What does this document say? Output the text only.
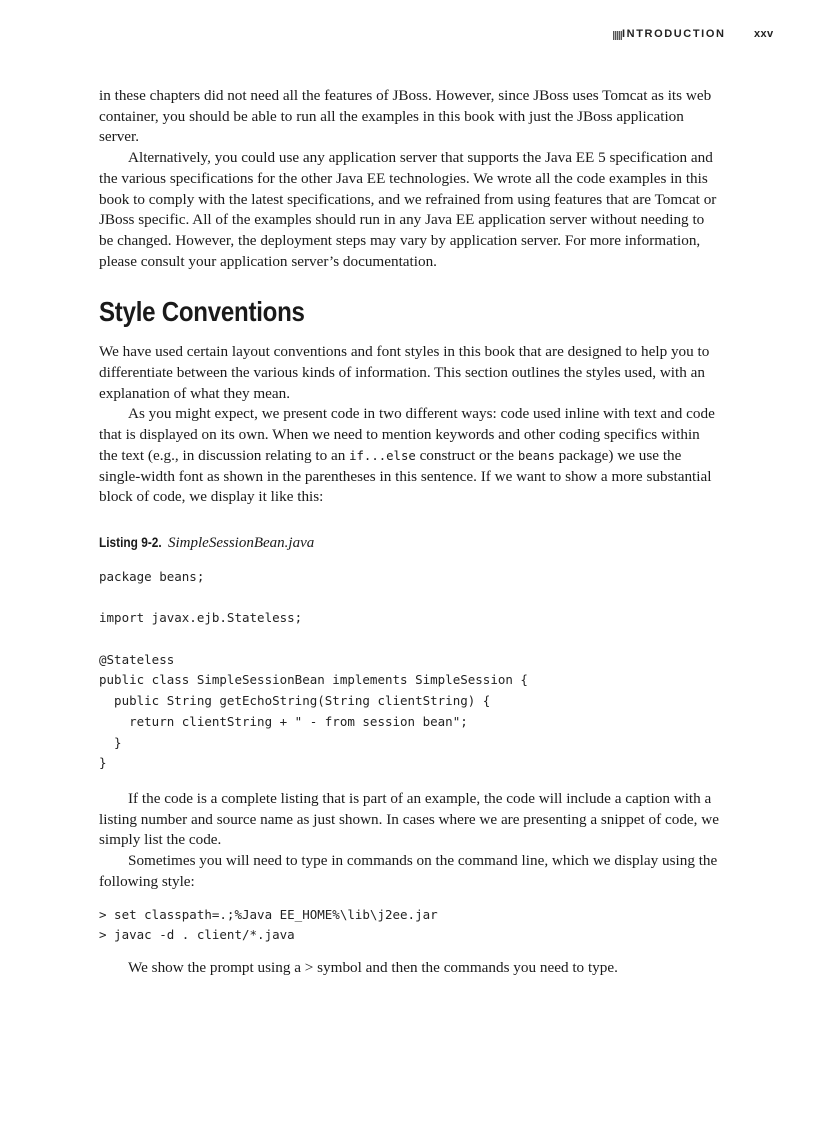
INTRODUCTION	xxv

in these chapters did not need all the features of JBoss. However, since JBoss uses Tomcat as its web container, you should be able to run all the examples in this book with just the JBoss application server.

Alternatively, you could use any application server that supports the Java EE 5 specification and the various specifications for the other Java EE technologies. We wrote all the code examples in this book to comply with the latest specifications, and we refrained from using features that are Tomcat or JBoss specific. All of the examples should run in any Java EE application server without needing to be changed. However, the deployment steps may vary by application server. For more information, please consult your application server’s documentation.

Style Conventions

We have used certain layout conventions and font styles in this book that are designed to help you to differentiate between the various kinds of information. This section outlines the styles used, with an explanation of what they mean.

As you might expect, we present code in two different ways: code used inline with text and code that is displayed on its own. When we need to mention keywords and other coding specifics within the text (e.g., in discussion relating to an if...else construct or the beans package) we use the single-width font as shown in the parentheses in this sentence. If we want to show a more substantial block of code, we display it like this:

Listing 9-2. SimpleSessionBean.java
package beans;

import javax.ejb.Stateless;

@Stateless
public class SimpleSessionBean implements SimpleSession {
public String getEchoString(String clientString) {
return clientString + " - from session bean";
}
}

If the code is a complete listing that is part of an example, the code will include a caption with a listing number and source name as just shown. In cases where we are presenting a snippet of code, we simply list the code.

Sometimes you will need to type in commands on the command line, which we display using the following style:

> set classpath=.;%Java EE_HOME%\lib\j2ee.jar
> javac -d . client/*.java

We show the prompt using a > symbol and then the commands you need to type.
